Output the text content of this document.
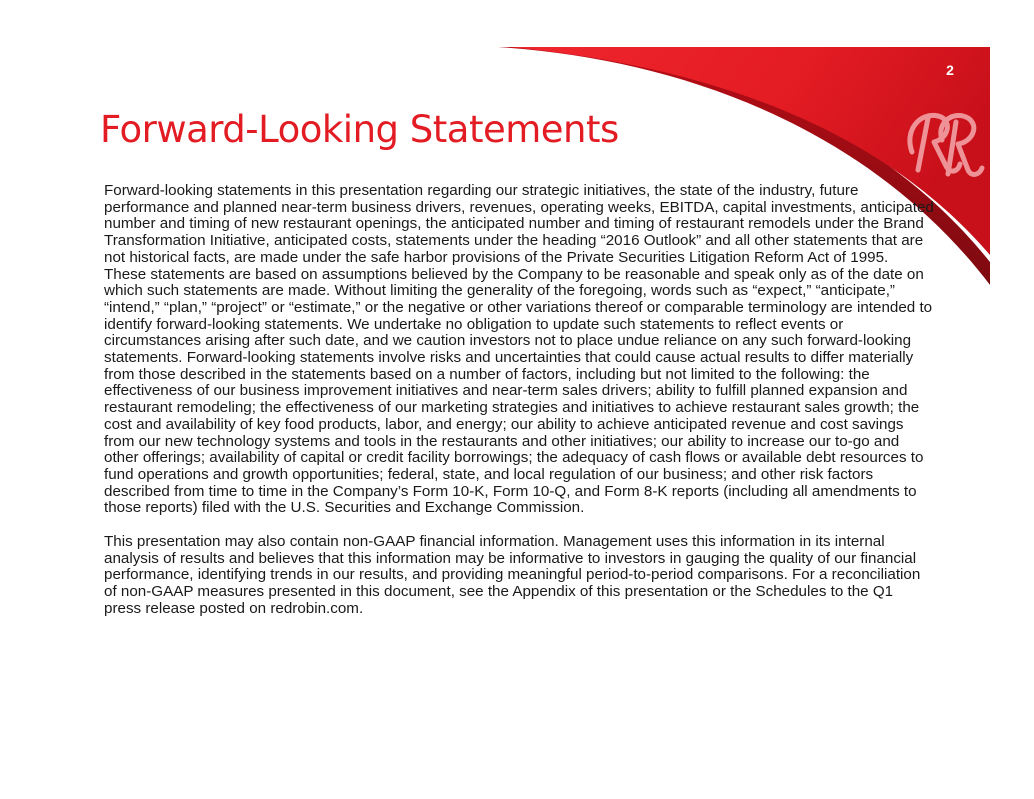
2
Forward-Looking Statements

Forward-looking statements in this presentation regarding our strategic initiatives, the state of the industry, future performance and planned near-term business drivers, revenues, operating weeks, EBITDA, capital investments, anticipated number and timing of new restaurant openings, the anticipated number and timing of restaurant remodels under the Brand Transformation Initiative, anticipated costs, statements under the heading “2016 Outlook” and all other statements that are not historical facts, are made under the safe harbor provisions of the Private Securities Litigation Reform Act of 1995. These statements are based on assumptions believed by the Company to be reasonable and speak only as of the date on which such statements are made. Without limiting the generality of the foregoing, words such as “expect,” “anticipate,” “intend,” “plan,” “project” or “estimate,” or the negative or other variations thereof or comparable terminology are intended to identify forward-looking statements. We undertake no obligation to update such statements to reflect events or circumstances arising after such date, and we caution investors not to place undue reliance on any such forward-looking statements. Forward-looking statements involve risks and uncertainties that could cause actual results to differ materially from those described in the statements based on a number of factors, including but not limited to the following: the effectiveness of our business improvement initiatives and near-term sales drivers; ability to fulfill planned expansion and restaurant remodeling; the effectiveness of our marketing strategies and initiatives to achieve restaurant sales growth; the cost and availability of key food products, labor, and energy; our ability to achieve anticipated revenue and cost savings from our new technology systems and tools in the restaurants and other initiatives; our ability to increase our to-go and other offerings; availability of capital or credit facility borrowings; the adequacy of cash flows or available debt resources to fund operations and growth opportunities; federal, state, and local regulation of our business; and other risk factors described from time to time in the Company’s Form 10-K, Form 10-Q, and Form 8-K reports (including all amendments to those reports) filed with the U.S. Securities and Exchange Commission.

This presentation may also contain non-GAAP financial information. Management uses this information in its internal analysis of results and believes that this information may be informative to investors in gauging the quality of our financial performance, identifying trends in our results, and providing meaningful period-to-period comparisons. For a reconciliation of non-GAAP measures presented in this document, see the Appendix of this presentation or the Schedules to the Q1 press release posted on redrobin.com.
